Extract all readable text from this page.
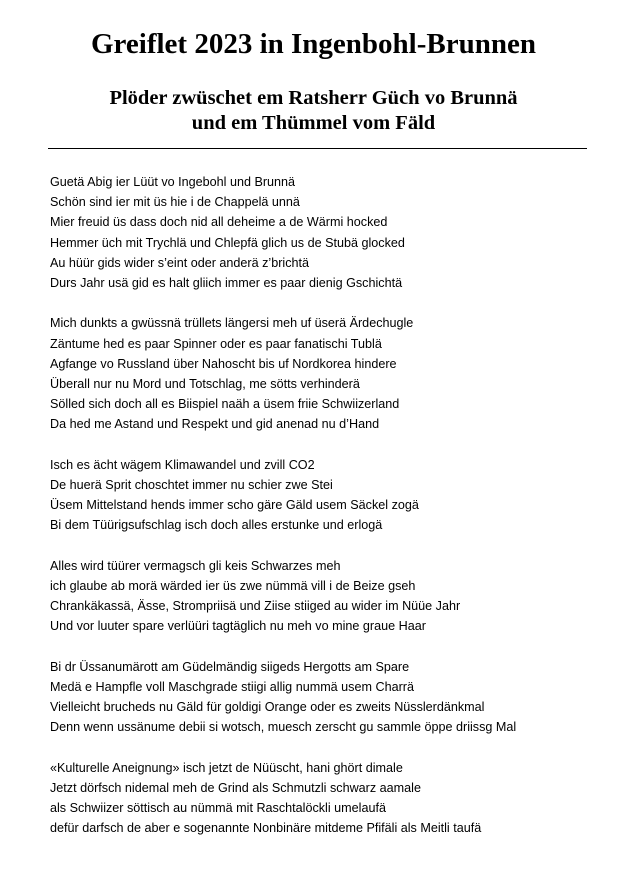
Greiflet 2023 in Ingenbohl-Brunnen
Plöder zwüschet em Ratsherr Güch vo Brunnä
und em Thümmel vom Fäld
Guetä Abig ier Lüüt vo Ingebohl und Brunnä
Schön sind ier mit üs hie i de Chappelä unnä
Mier freuid üs dass doch nid all deheime a de Wärmi hocked
Hemmer üch mit Trychlä und Chlepfä glich us de Stubä glocked
Au hüür gids wider s’eint oder anderä z’brichtä
Durs Jahr usä gid es halt gliich immer es paar dienig Gschichtä
Mich dunkts a gwüssnä trüllets längersi meh uf üserä Ärdechugle
Zäntume hed es paar Spinner oder es paar fanatischi Tublä
Agfange vo Russland über Nahoscht bis uf Nordkorea hindere
Überall nur nu Mord und Totschlag, me sötts verhinderä
Sölled sich doch all es Biispiel naäh a üsem friie Schwiizerland
Da hed me Astand und Respekt und gid anenad nu d’Hand
Isch es ächt wägem Klimawandel und zvill CO2
De huerä Sprit choschtet immer nu schier zwe Stei
Üsem Mittelstand hends immer scho gäre Gäld usem Säckel zogä
Bi dem Tüürigsufschlag isch doch alles erstunke und erlogä
Alles wird tüürer vermagsch gli keis Schwarzes meh
ich glaube ab morä wärded ier üs zwe nümmä vill i de Beize gseh
Chrankäkassä, Ässe, Strompriisä und Ziise stiiged au wider im Nüüe Jahr
Und vor luuter spare verlüüri tagtäglich nu meh vo mine graue Haar
Bi dr Üssanumärott am Güdelmändig siigeds Hergotts am Spare
Medä e Hampfle voll Maschgrade stiigi allig nummä usem Charrä
Vielleicht brucheds nu Gäld für goldigi Orange oder es zweits Nüsslerdänkmal
Denn wenn ussänume debii si wotsch, muesch zerscht gu sammle öppe driissg Mal
«Kulturelle Aneignung» isch jetzt de Nüüscht, hani ghört dimale
Jetzt dörfsch nidemal meh de Grind als Schmutzli schwarz aamale
als Schwiizer söttisch au nümmä mit Raschtalöckli umelaufä
defür darfsch de aber e sogenannte Nonbinäre mitdeme Pfifäli als Meitli taufä
